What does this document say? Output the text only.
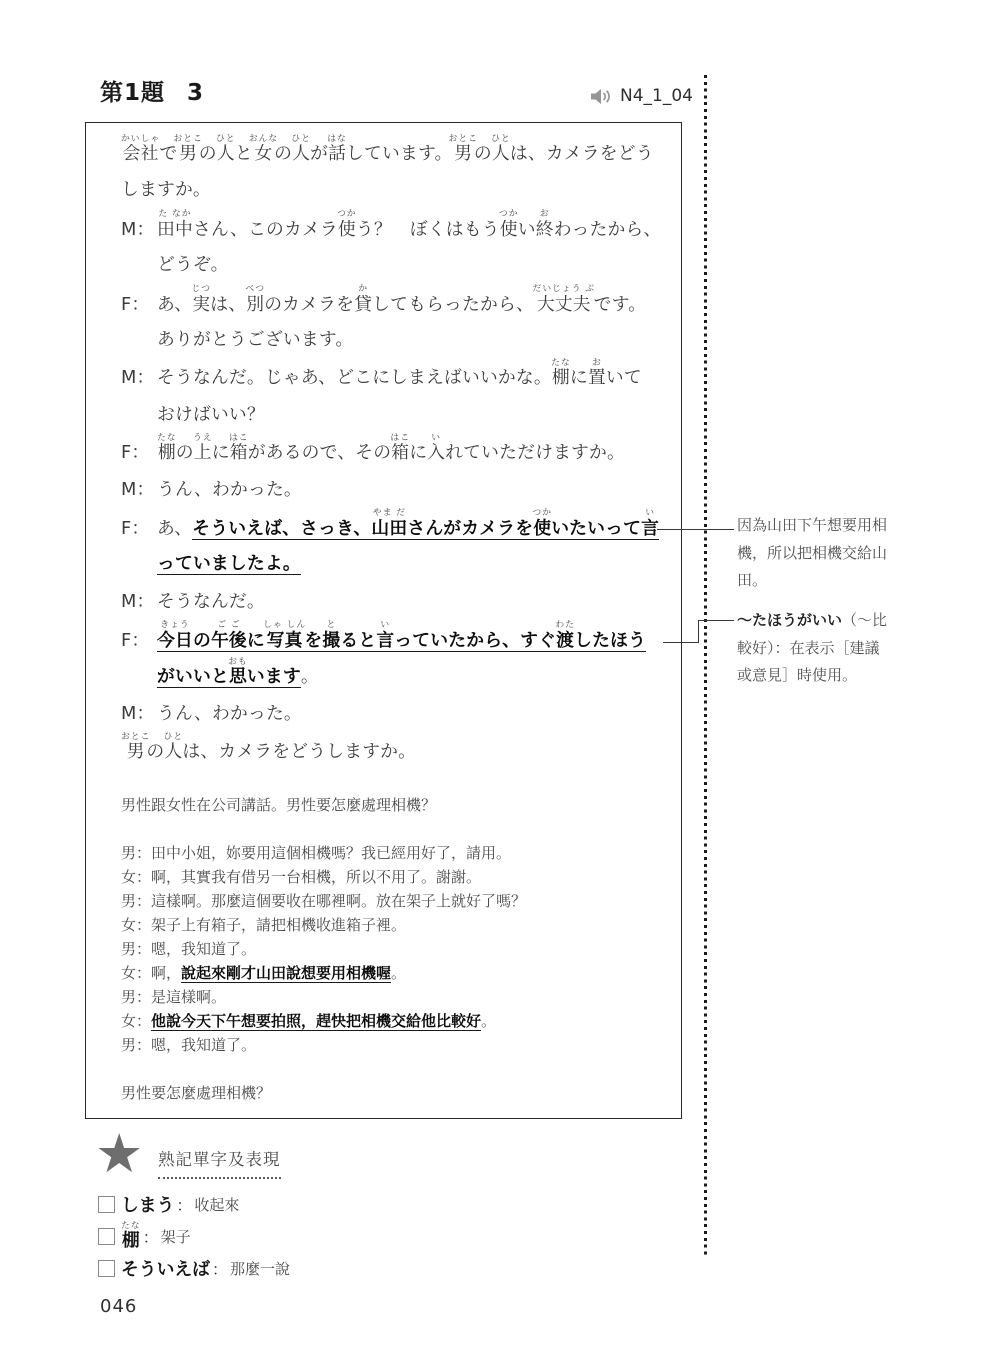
第1題 3	N4_1_04
会社かいしゃで男おとこの人ひとと女おんなの人ひとが話はなしています。男おとこの人ひとは、カメラをどう
しますか。
M： 田中た なかさん、このカメラ使つかう？　ぼくはもう使つかい終おわったから、
どうぞ。
F： あ、実じつは、別べつのカメラを貸かしてもらったから、大丈夫だいじょう ぶです。
ありがとうございます。
M： そうなんだ。じゃあ、どこにしまえばいいかな。棚たなに置おいて
おけばいい？
F： 棚たなの上うえに箱はこがあるので、その箱はこに入いれていただけますか。
M： うん、わかった。
F： あ、そういえば、さっき、山田やま ださんがカメラを使つかいたいって言い
っていましたよ。
M： そうなんだ。
F： 今日きょうの午後ご ごに写真しゃ しんを撮とると言いっていたから、すぐ渡わたしたほう
がいいと思おもいます。
M： うん、わかった。
男おとこの人ひとは、カメラをどうしますか。
男性跟女性在公司講話。男性要怎麼處理相機？
男：田中小姐，妳要用這個相機嗎？我已經用好了，請用。
女：啊，其實我有借另一台相機，所以不用了。謝謝。
男：這樣啊。那麼這個要收在哪裡啊。放在架子上就好了嗎？
女：架子上有箱子，請把相機收進箱子裡。
男：嗯，我知道了。
女：啊，說起來剛才山田說想要用相機喔。
男：是這樣啊。
女：他說今天下午想要拍照，趕快把相機交給他比較好。
男：嗯，我知道了。
男性要怎麼處理相機？
因為山田下午想要用相
機，所以把相機交給山
田。
～たほうがいい（～比
較好）：在表示［建議
或意見］時使用。
★ 熟記單字及表現
しまう ： 收起來
棚たな
： 架子
そういえば ： 那麼一說
046
